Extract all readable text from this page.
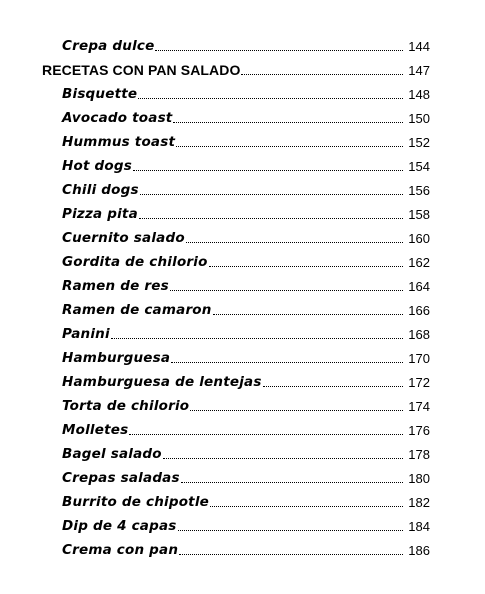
Crepa dulce	144
RECETAS CON PAN SALADO	147
Bisquette	148
Avocado toast	150
Hummus toast	152
Hot dogs	154
Chili dogs	156
Pizza pita	158
Cuernito salado	160
Gordita de chilorio	162
Ramen de res	164
Ramen de camaron	166
Panini	168
Hamburguesa	170
Hamburguesa de lentejas	172
Torta de chilorio	174
Molletes	176
Bagel salado	178
Crepas saladas	180
Burrito de chipotle	182
Dip de 4 capas	184
Crema con pan	186
